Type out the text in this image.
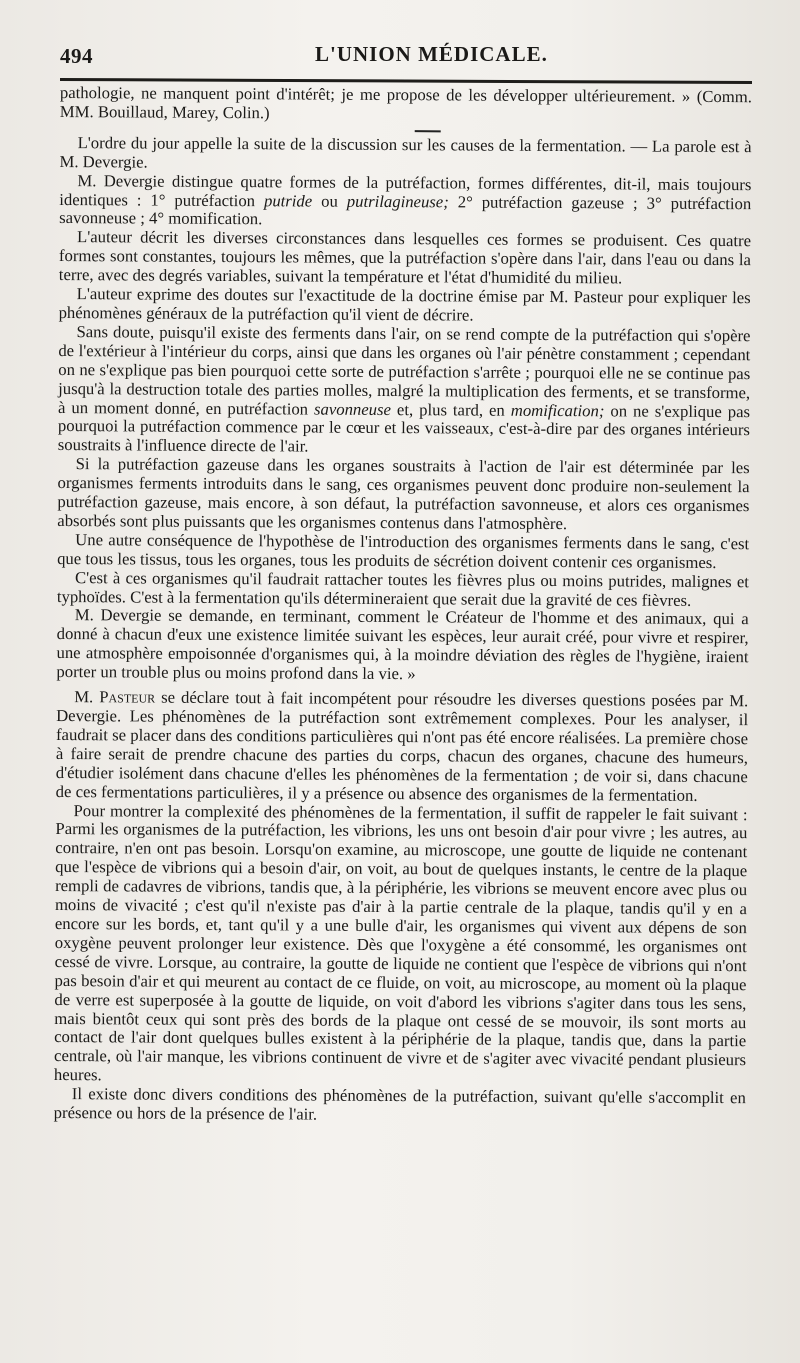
494	L'UNION MÉDICALE.

pathologie, ne manquent point d'intérêt; je me propose de les développer ultérieurement. » (Comm. MM. Bouillaud, Marey, Colin.)

L'ordre du jour appelle la suite de la discussion sur les causes de la fermentation. — La parole est à M. Devergie.

M. Devergie distingue quatre formes de la putréfaction, formes différentes, dit-il, mais toujours identiques : 1° putréfaction putride ou putrilagineuse; 2° putréfaction gazeuse ; 3° putréfaction savonneuse ; 4° momification.

L'auteur décrit les diverses circonstances dans lesquelles ces formes se produisent. Ces quatre formes sont constantes, toujours les mêmes, que la putréfaction s'opère dans l'air, dans l'eau ou dans la terre, avec des degrés variables, suivant la température et l'état d'humidité du milieu.

L'auteur exprime des doutes sur l'exactitude de la doctrine émise par M. Pasteur pour expliquer les phénomènes généraux de la putréfaction qu'il vient de décrire.

Sans doute, puisqu'il existe des ferments dans l'air, on se rend compte de la putréfaction qui s'opère de l'extérieur à l'intérieur du corps, ainsi que dans les organes où l'air pénètre constamment ; cependant on ne s'explique pas bien pourquoi cette sorte de putréfaction s'arrête ; pourquoi elle ne se continue pas jusqu'à la destruction totale des parties molles, malgré la multiplication des ferments, et se transforme, à un moment donné, en putréfaction savonneuse et, plus tard, en momification; on ne s'explique pas pourquoi la putréfaction commence par le cœur et les vaisseaux, c'est-à-dire par des organes intérieurs soustraits à l'influence directe de l'air.

Si la putréfaction gazeuse dans les organes soustraits à l'action de l'air est déterminée par les organismes ferments introduits dans le sang, ces organismes peuvent donc produire non-seulement la putréfaction gazeuse, mais encore, à son défaut, la putréfaction savonneuse, et alors ces organismes absorbés sont plus puissants que les organismes contenus dans l'atmosphère.

Une autre conséquence de l'hypothèse de l'introduction des organismes ferments dans le sang, c'est que tous les tissus, tous les organes, tous les produits de sécrétion doivent contenir ces organismes.

C'est à ces organismes qu'il faudrait rattacher toutes les fièvres plus ou moins putrides, malignes et typhoïdes. C'est à la fermentation qu'ils détermineraient que serait due la gravité de ces fièvres.

M. Devergie se demande, en terminant, comment le Créateur de l'homme et des animaux, qui a donné à chacun d'eux une existence limitée suivant les espèces, leur aurait créé, pour vivre et respirer, une atmosphère empoisonnée d'organismes qui, à la moindre déviation des règles de l'hygiène, iraient porter un trouble plus ou moins profond dans la vie. »

M. Pasteur se déclare tout à fait incompétent pour résoudre les diverses questions posées par M. Devergie. Les phénomènes de la putréfaction sont extrêmement complexes. Pour les analyser, il faudrait se placer dans des conditions particulières qui n'ont pas été encore réalisées. La première chose à faire serait de prendre chacune des parties du corps, chacun des organes, chacune des humeurs, d'étudier isolément dans chacune d'elles les phénomènes de la fermentation ; de voir si, dans chacune de ces fermentations particulières, il y a présence ou absence des organismes de la fermentation.

Pour montrer la complexité des phénomènes de la fermentation, il suffit de rappeler le fait suivant : Parmi les organismes de la putréfaction, les vibrions, les uns ont besoin d'air pour vivre ; les autres, au contraire, n'en ont pas besoin. Lorsqu'on examine, au microscope, une goutte de liquide ne contenant que l'espèce de vibrions qui a besoin d'air, on voit, au bout de quelques instants, le centre de la plaque rempli de cadavres de vibrions, tandis que, à la périphérie, les vibrions se meuvent encore avec plus ou moins de vivacité ; c'est qu'il n'existe pas d'air à la partie centrale de la plaque, tandis qu'il y en a encore sur les bords, et, tant qu'il y a une bulle d'air, les organismes qui vivent aux dépens de son oxygène peuvent prolonger leur existence. Dès que l'oxygène a été consommé, les organismes ont cessé de vivre. Lorsque, au contraire, la goutte de liquide ne contient que l'espèce de vibrions qui n'ont pas besoin d'air et qui meurent au contact de ce fluide, on voit, au microscope, au moment où la plaque de verre est superposée à la goutte de liquide, on voit d'abord les vibrions s'agiter dans tous les sens, mais bientôt ceux qui sont près des bords de la plaque ont cessé de se mouvoir, ils sont morts au contact de l'air dont quelques bulles existent à la périphérie de la plaque, tandis que, dans la partie centrale, où l'air manque, les vibrions continuent de vivre et de s'agiter avec vivacité pendant plusieurs heures.

Il existe donc divers conditions des phénomènes de la putréfaction, suivant qu'elle s'accomplit en présence ou hors de la présence de l'air.
